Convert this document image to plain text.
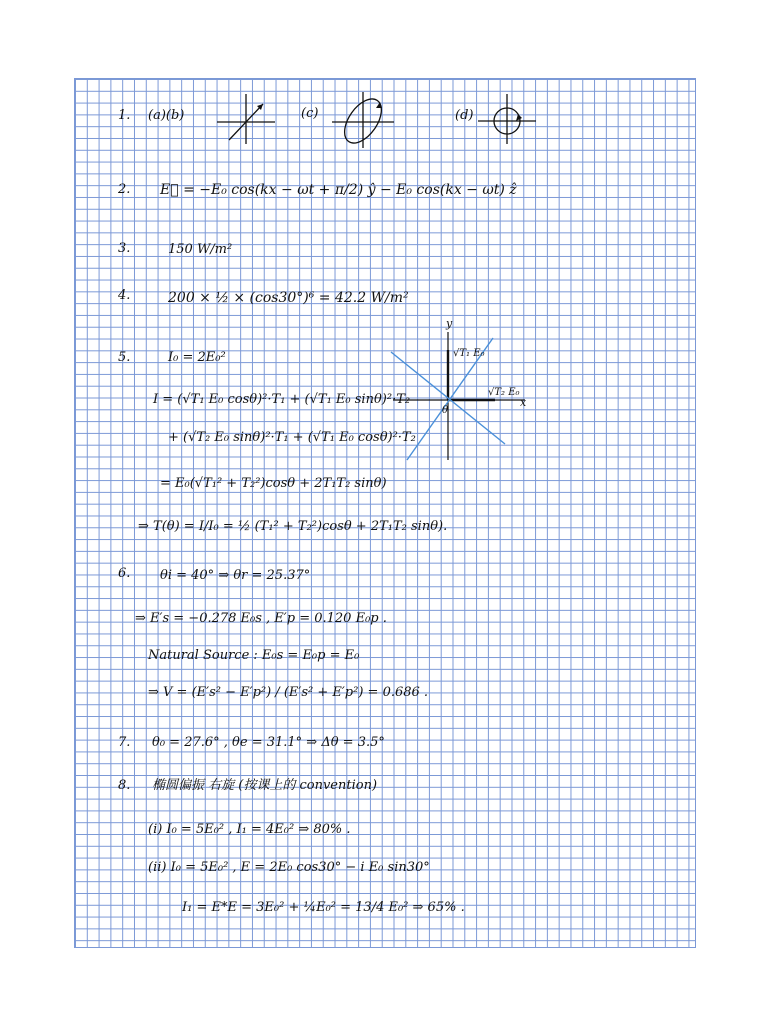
1. (a)(b)	(c)	(d)
2. E⃗ = −E₀ cos(kx − ωt + π/2) ŷ − E₀ cos(kx − ωt) ẑ
3.	150 W/m²
4.	200 × ½ × (cos30°)⁶ = 42.2 W/m²
5.	I₀ = 2E₀²
I = (√T₁ E₀ cosθ)²·T₁ + (√T₁ E₀ sinθ)²·T₂
+ (√T₂ E₀ sinθ)²·T₁ + (√T₁ E₀ cosθ)²·T₂
= E₀(√T₁² + T₂²)cosθ + 2T₁T₂ sinθ)
⇒ T(θ) = I/I₀ = ½ (T₁² + T₂²)cosθ + 2T₁T₂ sinθ).
y
x
θ
√T₁ E₀
√T₂ E₀
6. θi = 40° ⇒ θr = 25.37°
⇒ E′s = −0.278 E₀s , E′p = 0.120 E₀p .
Natural Source : E₀s = E₀p = E₀
⇒ V = (E′s² − E′p²) / (E′s² + E′p²) = 0.686 .
7. θ₀ = 27.6° , θe = 31.1° ⇒ Δθ = 3.5°
8. 椭圆偏振 右旋 (按课上的 convention)
(i) I₀ = 5E₀² , I₁ = 4E₀² ⇒ 80% .
(ii) I₀ = 5E₀² , E = 2E₀ cos30° − i E₀ sin30°
I₁ = E*E = 3E₀² + ¼E₀² = 13/4 E₀² ⇒ 65% .
